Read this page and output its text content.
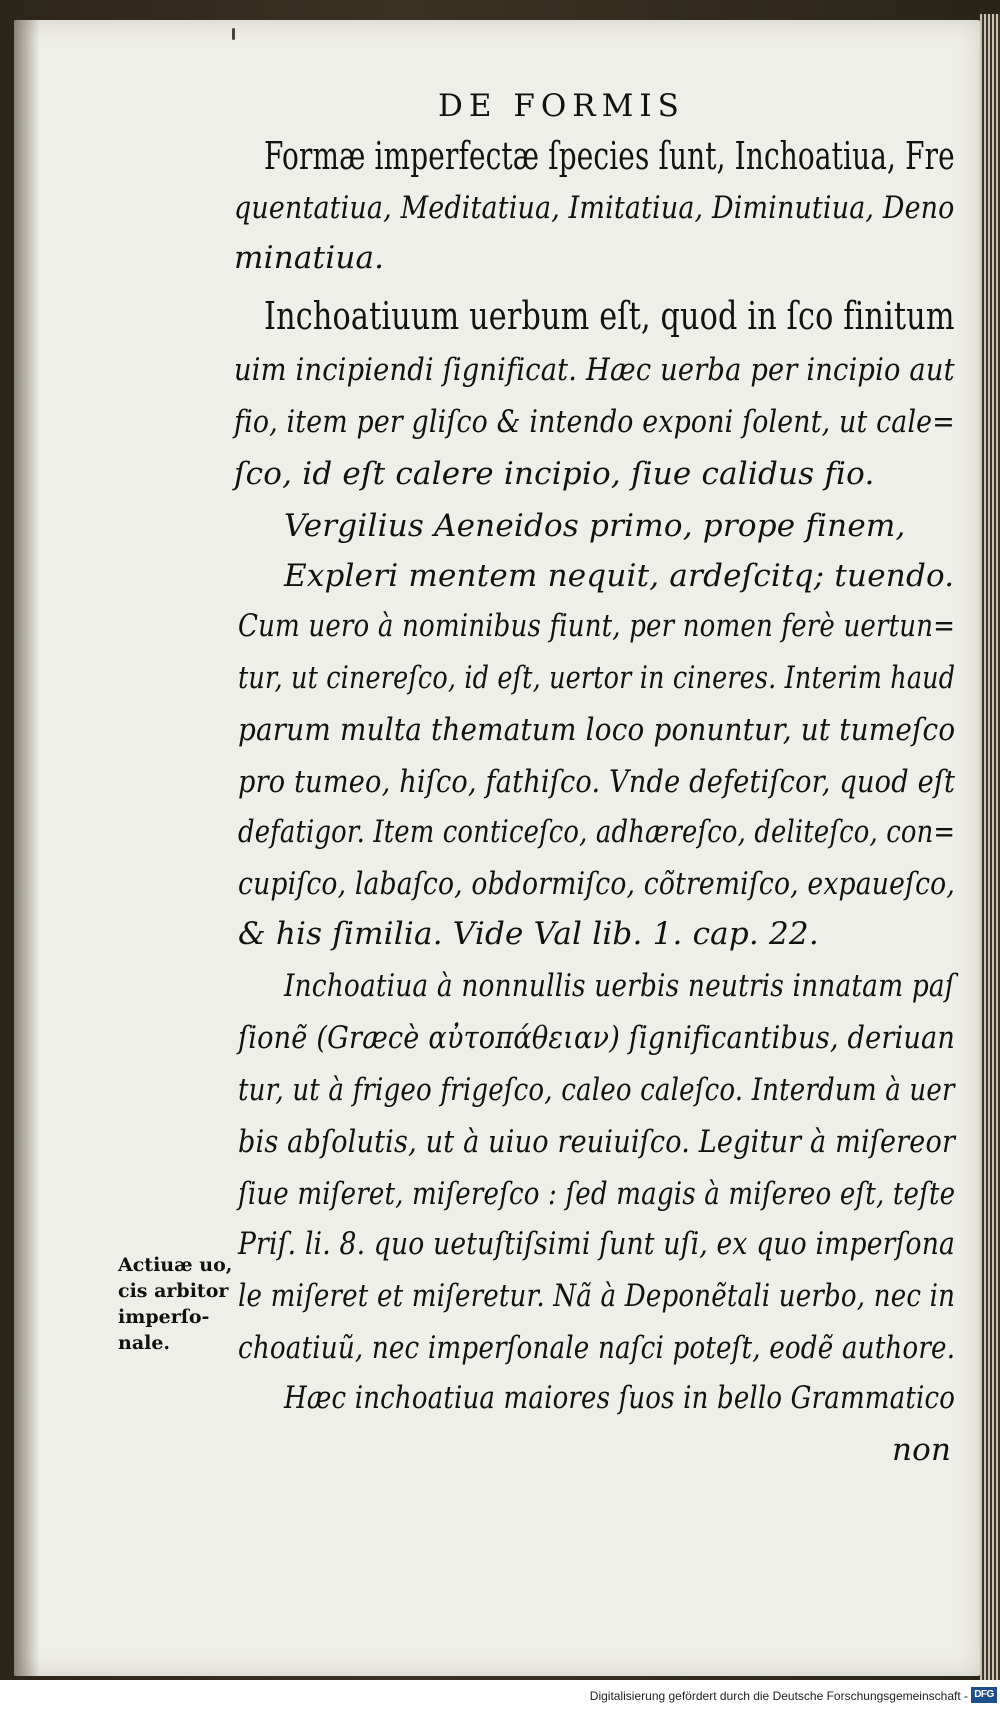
DE FORMIS
Formæ imperfectæ ſpecies ſunt, Inchoatiua, Fre
quentatiua, Meditatiua, Imitatiua, Diminutiua, Deno
minatiua.
Inchoatiuum uerbum eſt, quod in ſco finitum
uim incipiendi ſignificat. Hæc uerba per incipio aut
fio, item per gliſco & intendo exponi ſolent, ut cale=
ſco, id eſt calere incipio, ſiue calidus fio.
Vergilius Aeneidos primo, prope finem,
Expleri mentem nequit, ardeſcitq; tuendo.
Cum uero à nominibus fiunt, per nomen ferè uertun=
tur, ut cinereſco, id eſt, uertor in cineres. Interim haud
parum multa thematum loco ponuntur, ut tumeſco
pro tumeo, hiſco, fathiſco. Vnde defetiſcor, quod eſt
defatigor. Item conticeſco, adhæreſco, deliteſco, con=
cupiſco, labaſco, obdormiſco, cõtremiſco, expaueſco,
& his ſimilia. Vide Val lib. 1. cap. 22.
Inchoatiua à nonnullis uerbis neutris innatam paſ
ſionẽ (Græcè αὐτοπάθειαν) ſignificantibus, deriuan
tur, ut à frigeo frigeſco, caleo caleſco. Interdum à uer
bis abſolutis, ut à uiuo reuiuiſco. Legitur à miſereor
ſiue miſeret, miſereſco : ſed magis à miſereo eſt, teſte
Priſ. li. 8. quo uetuſtiſsimi ſunt uſi, ex quo imperſona
le miſeret et miſeretur. Nã à Deponẽtali uerbo, nec in
choatiuũ, nec imperſonale naſci poteſt, eodẽ authore.
Hæc inchoatiua maiores ſuos in bello Grammatico
non
Actiuæ uo,
cis arbitor
imperſo-
nale.
Digitalisierung gefördert durch die Deutsche Forschungsgemeinschaft - DFG
